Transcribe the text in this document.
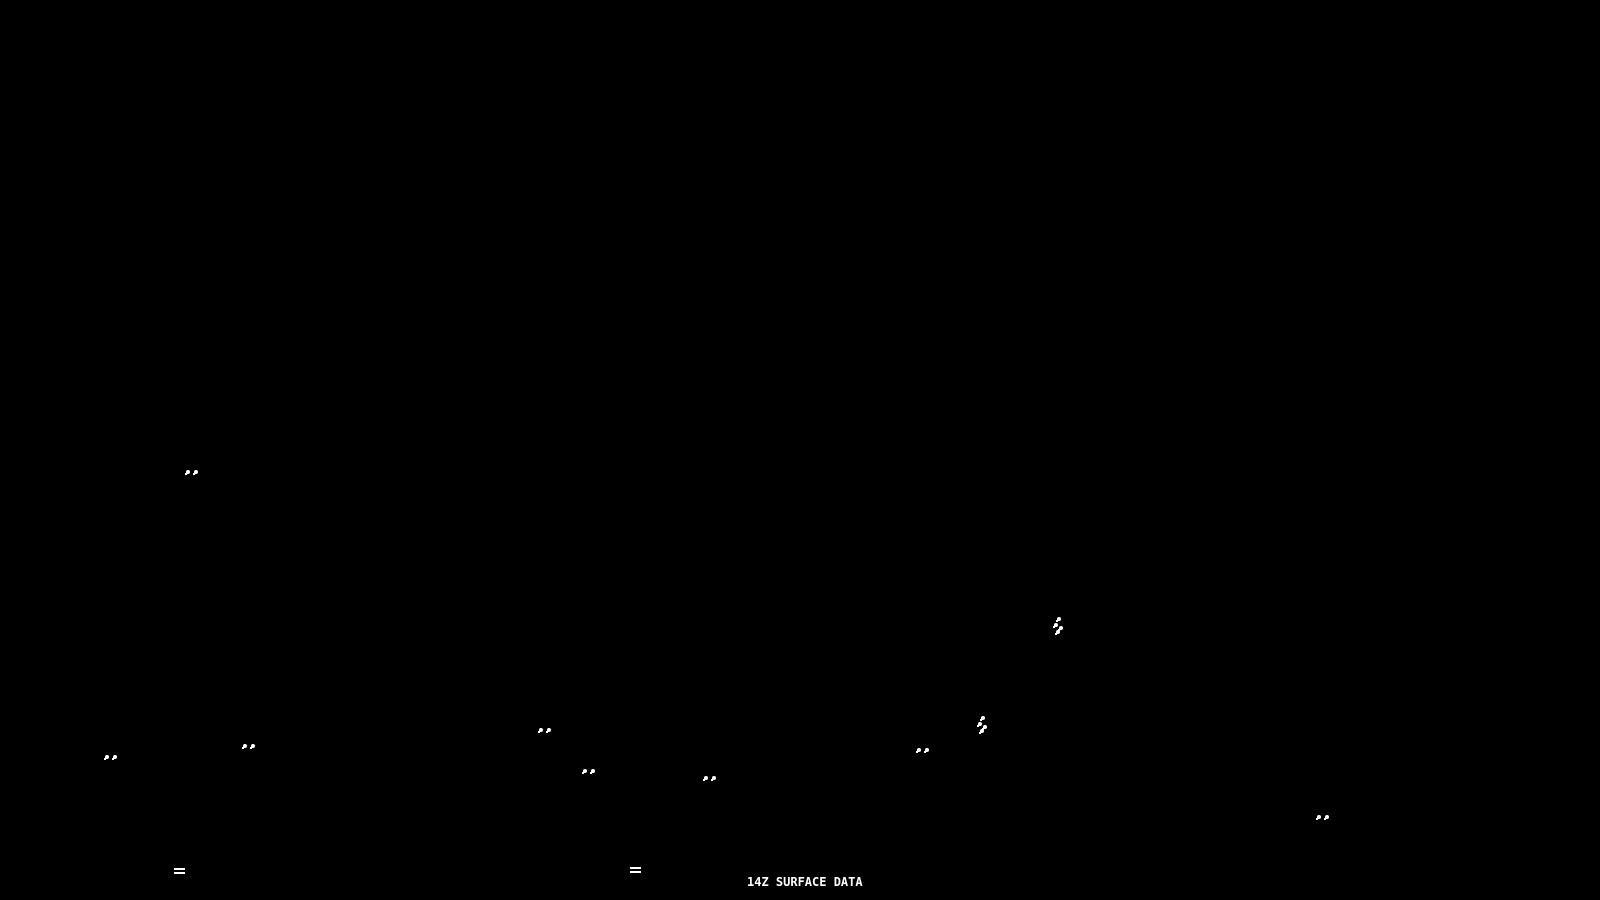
14Z SURFACE DATA
